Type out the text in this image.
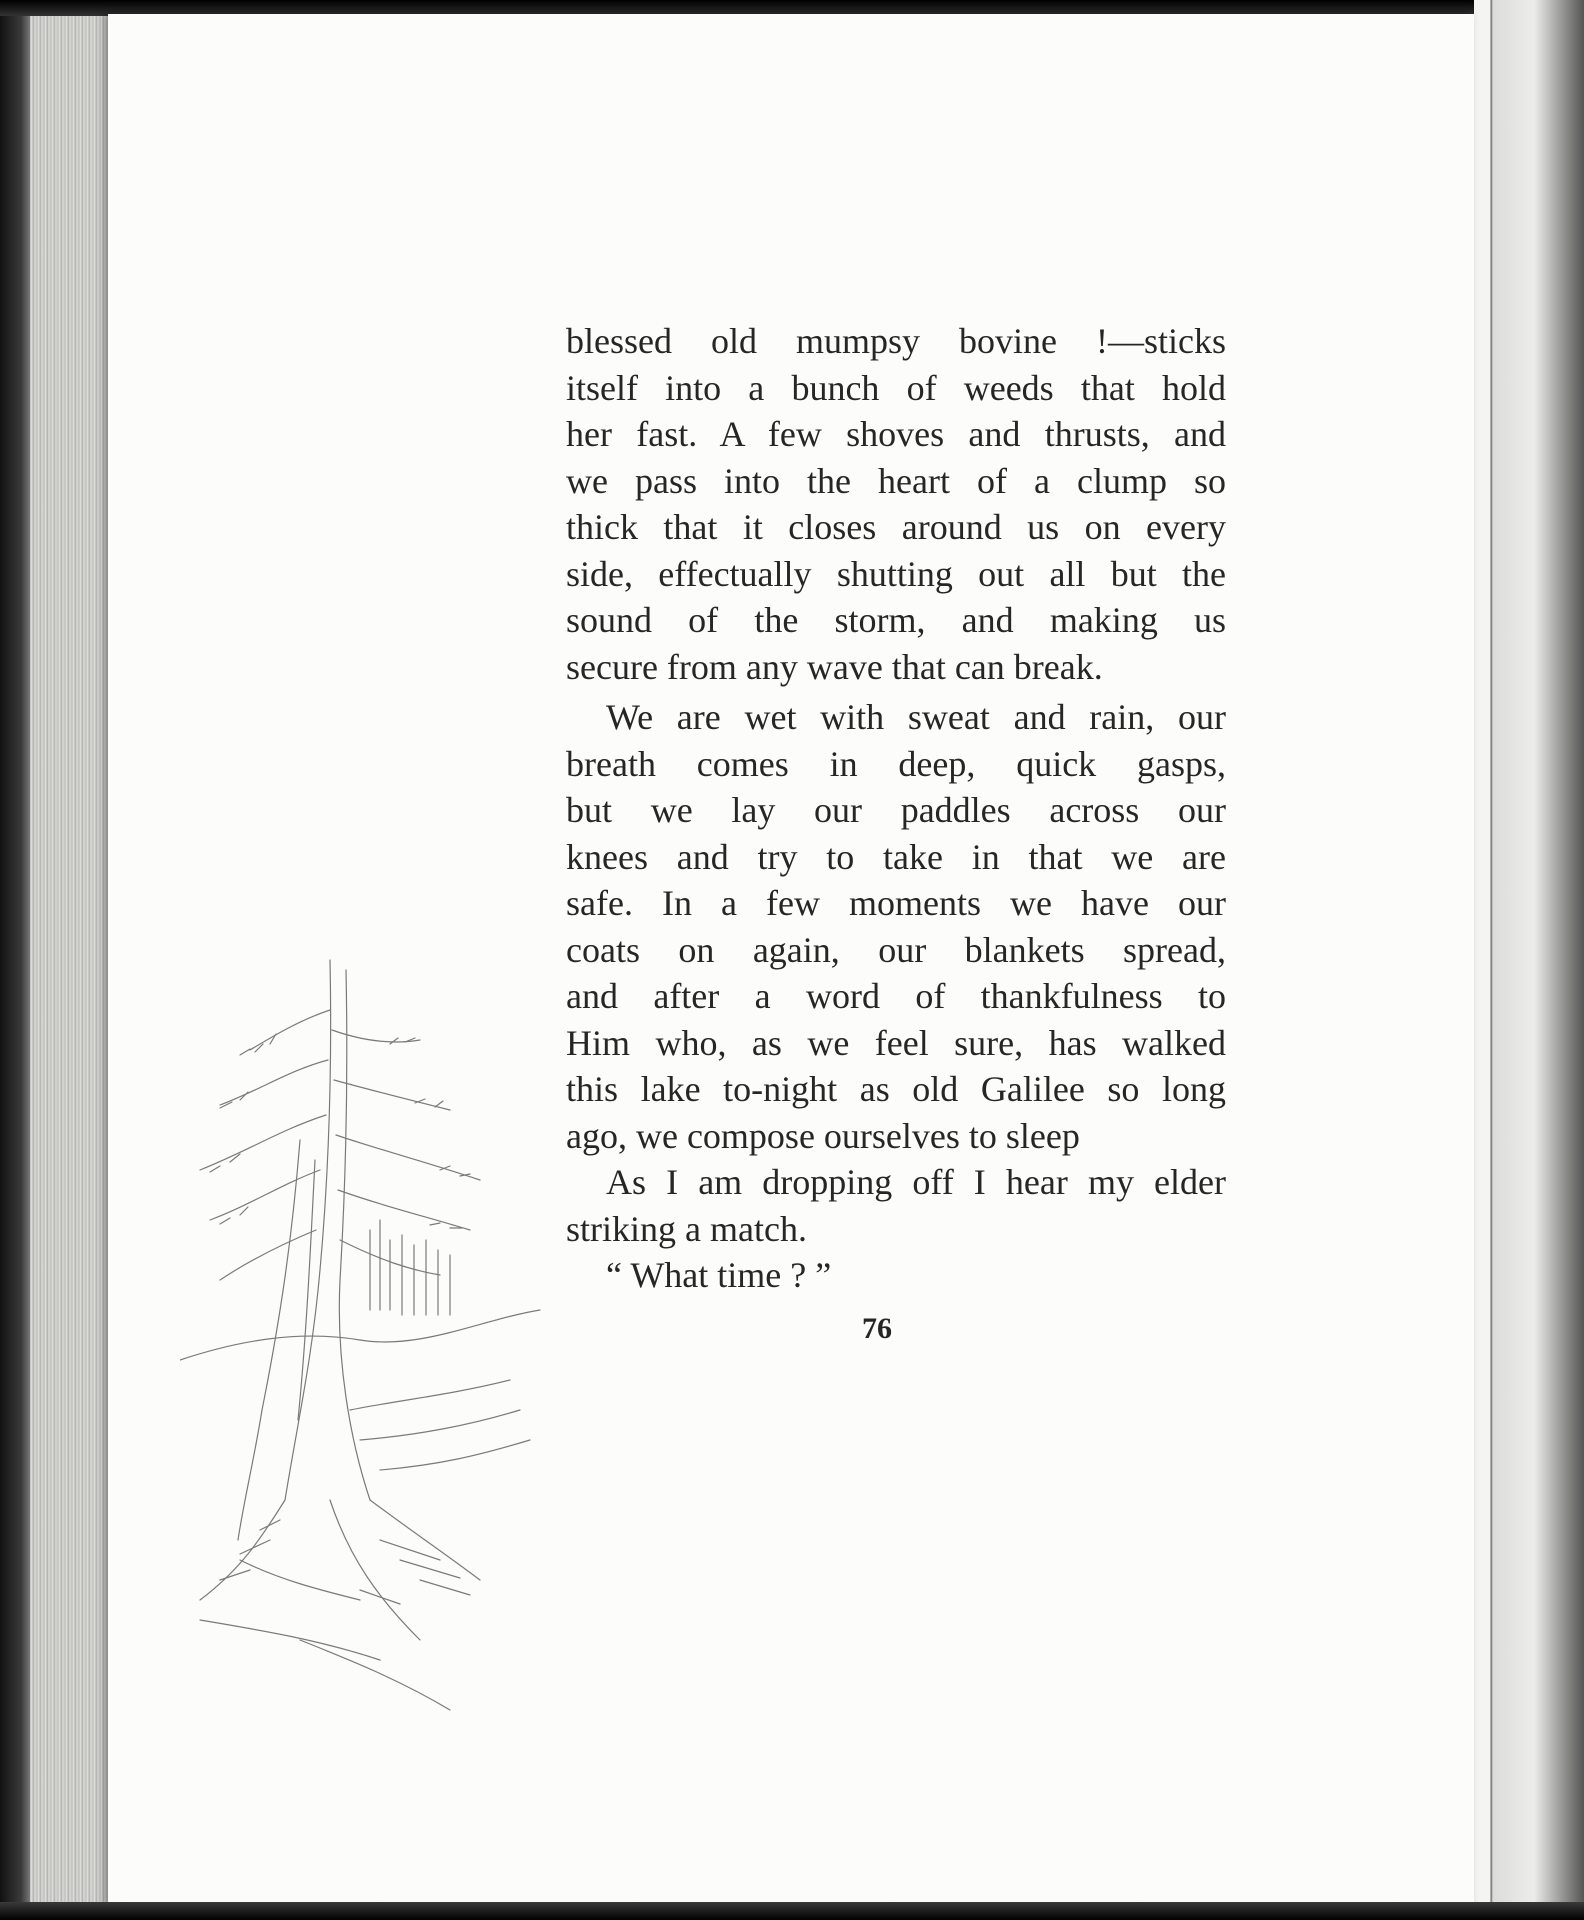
blessed old mumpsy bovine !—sticks
itself into a bunch of weeds that hold
her fast. A few shoves and thrusts, and
we pass into the heart of a clump so
thick that it closes around us on every
side, effectually shutting out all but the
sound of the storm, and making us
secure from any wave that can break.
We are wet with sweat and rain, our
breath comes in deep, quick gasps,
but we lay our paddles across our
knees and try to take in that we are
safe. In a few moments we have our
coats on again, our blankets spread,
and after a word of thankfulness to
Him who, as we feel sure, has walked
this lake to-night as old Galilee so long
ago, we compose ourselves to sleep
As I am dropping off I hear my elder
striking a match.
“ What time ? ”
76
